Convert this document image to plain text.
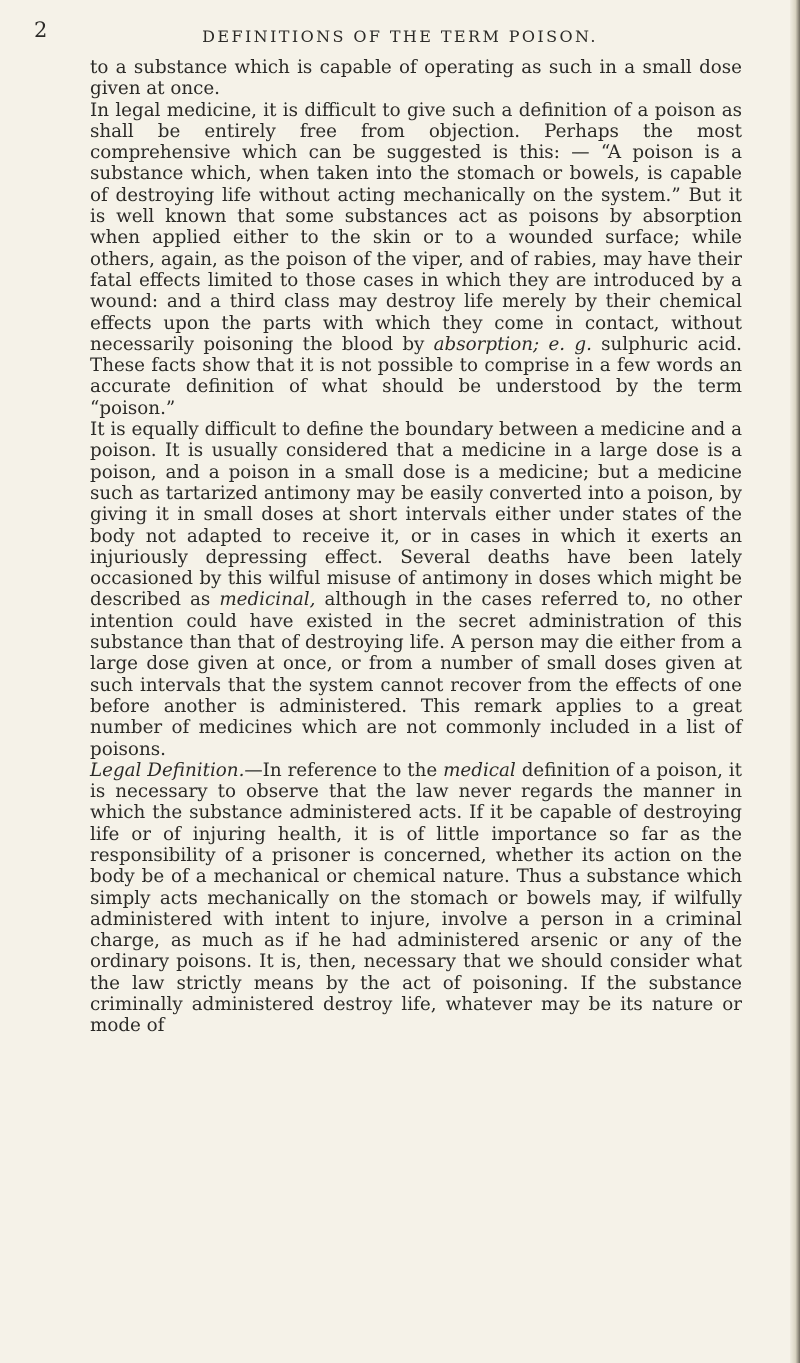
2	DEFINITIONS OF THE TERM POISON.

to a substance which is capable of operating as such in a small dose given at once.

In legal medicine, it is difficult to give such a definition of a poison as shall be entirely free from objection. Perhaps the most comprehensive which can be suggested is this: — “A poison is a substance which, when taken into the stomach or bowels, is capable of destroying life without acting mechanically on the system.” But it is well known that some substances act as poisons by absorption when applied either to the skin or to a wounded surface; while others, again, as the poison of the viper, and of rabies, may have their fatal effects limited to those cases in which they are introduced by a wound: and a third class may destroy life merely by their chemical effects upon the parts with which they come in contact, without necessarily poisoning the blood by absorption; e. g. sulphuric acid. These facts show that it is not possible to comprise in a few words an accurate definition of what should be understood by the term “poison.”

It is equally difficult to define the boundary between a medicine and a poison. It is usually considered that a medicine in a large dose is a poison, and a poison in a small dose is a medicine; but a medicine such as tartarized antimony may be easily converted into a poison, by giving it in small doses at short intervals either under states of the body not adapted to receive it, or in cases in which it exerts an injuriously depressing effect. Several deaths have been lately occasioned by this wilful misuse of antimony in doses which might be described as medicinal, although in the cases referred to, no other intention could have existed in the secret administration of this substance than that of destroying life. A person may die either from a large dose given at once, or from a number of small doses given at such intervals that the system cannot recover from the effects of one before another is administered. This remark applies to a great number of medicines which are not commonly included in a list of poisons.

Legal Definition.—In reference to the medical definition of a poison, it is necessary to observe that the law never regards the manner in which the substance administered acts. If it be capable of destroying life or of injuring health, it is of little importance so far as the responsibility of a prisoner is concerned, whether its action on the body be of a mechanical or chemical nature. Thus a substance which simply acts mechanically on the stomach or bowels may, if wilfully administered with intent to injure, involve a person in a criminal charge, as much as if he had administered arsenic or any of the ordinary poisons. It is, then, necessary that we should consider what the law strictly means by the act of poisoning. If the substance criminally administered destroy life, whatever may be its nature or mode of
